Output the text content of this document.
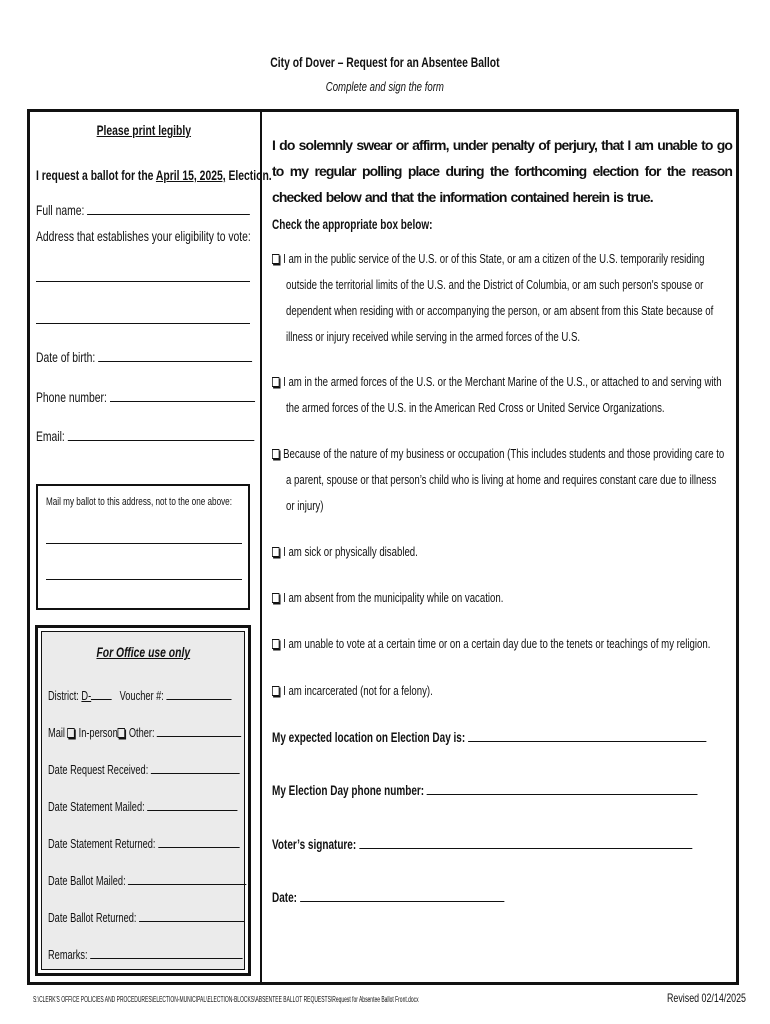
City of Dover – Request for an Absentee Ballot
Complete and sign the form
Please print legibly
I request a ballot for the April 15, 2025, Election.
Full name:
Address that establishes your eligibility to vote:
Date of birth:
Phone number:
Email:
Mail my ballot to this address, not to the one above:
For Office use only
District: D- Voucher #:
Mail In-person Other:
Date Request Received:
Date Statement Mailed:
Date Statement Returned:
Date Ballot Mailed:
Date Ballot Returned:
Remarks:
I do solemnly swear or affirm, under penalty of perjury, that I am unable to go to my regular polling place during the forthcoming election for the reason checked below and that the information contained herein is true.
Check the appropriate box below:
I am in the public service of the U.S. or of this State, or am a citizen of the U.S. temporarily residing
outside the territorial limits of the U.S. and the District of Columbia, or am such person's spouse or
dependent when residing with or accompanying the person, or am absent from this State because of
illness or injury received while serving in the armed forces of the U.S.
I am in the armed forces of the U.S. or the Merchant Marine of the U.S., or attached to and serving with
the armed forces of the U.S. in the American Red Cross or United Service Organizations.
Because of the nature of my business or occupation (This includes students and those providing care to
a parent, spouse or that person’s child who is living at home and requires constant care due to illness
or injury)
I am sick or physically disabled.
I am absent from the municipality while on vacation.
I am unable to vote at a certain time or on a certain day due to the tenets or teachings of my religion.
I am incarcerated (not for a felony).
My expected location on Election Day is:
My Election Day phone number:
Voter’s signature:
Date:
S:\CLERK'S OFFICE POLICIES AND PROCEDURES\ELECTION-MUNICIPAL\ELECTION-BLOCKS\ABSENTEE BALLOT REQUESTS\Request for Absentee Ballot Front.docx	Revised 02/14/2025
